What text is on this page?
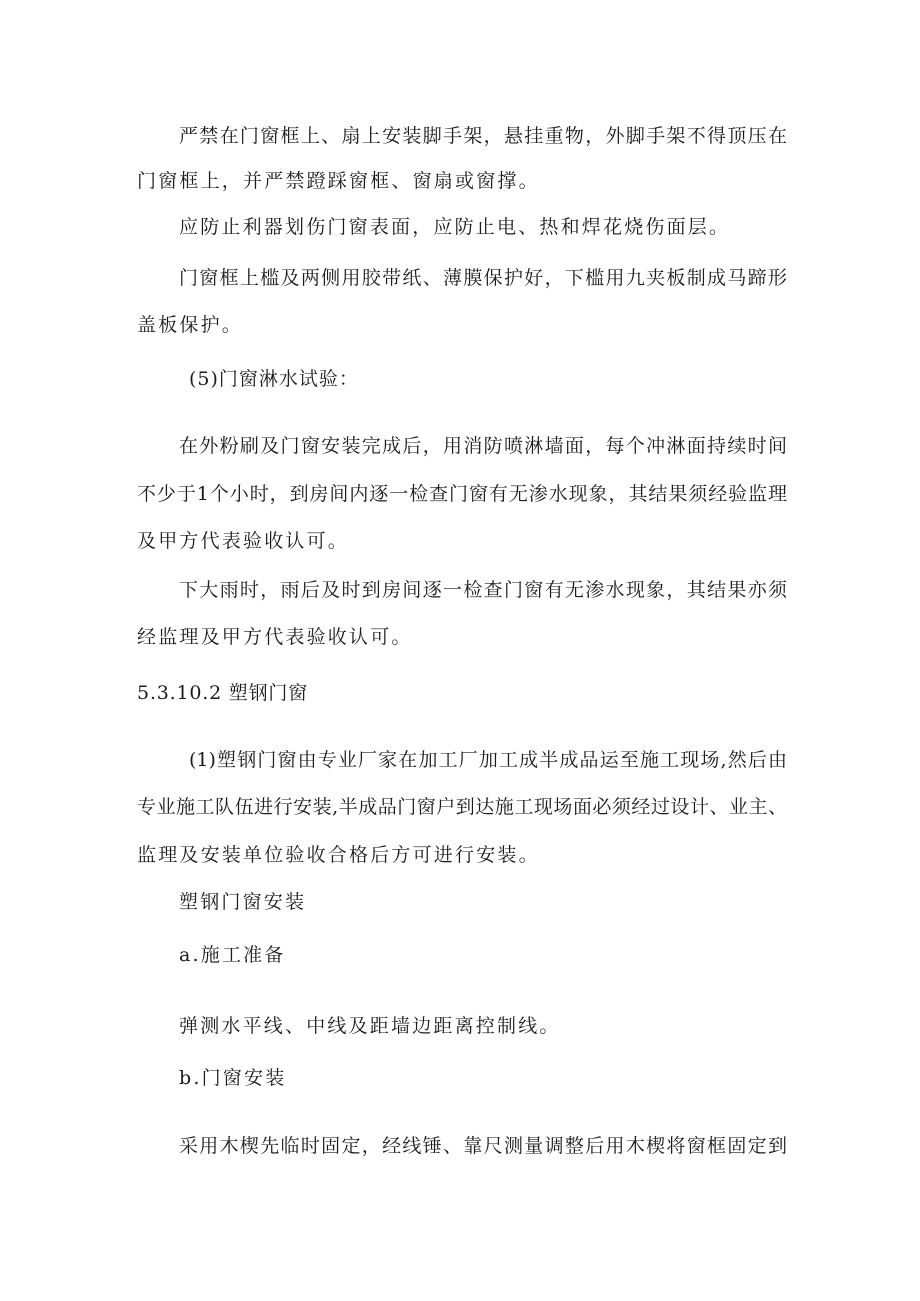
严禁在门窗框上、扇上安装脚手架，悬挂重物，外脚手架不得顶压在
门窗框上，并严禁蹬踩窗框、窗扇或窗撑。
应防止利器划伤门窗表面，应防止电、热和焊花烧伤面层。
门窗框上槛及两侧用胶带纸、薄膜保护好，下槛用九夹板制成马蹄形
盖板保护。
(5)门窗淋水试验：
在外粉刷及门窗安装完成后，用消防喷淋墙面，每个冲淋面持续时间
不少于1个小时，到房间内逐一检查门窗有无渗水现象，其结果须经验监理
及甲方代表验收认可。
下大雨时，雨后及时到房间逐一检查门窗有无渗水现象，其结果亦须
经监理及甲方代表验收认可。
5.3.10.2 塑钢门窗
(1)塑钢门窗由专业厂家在加工厂加工成半成品运至施工现场,然后由
专业施工队伍进行安装,半成品门窗户到达施工现场面必须经过设计、业主、
监理及安装单位验收合格后方可进行安装。
塑钢门窗安装
a.施工准备
弹测水平线、中线及距墙边距离控制线。
b.门窗安装
采用木楔先临时固定，经线锤、靠尺测量调整后用木楔将窗框固定到
